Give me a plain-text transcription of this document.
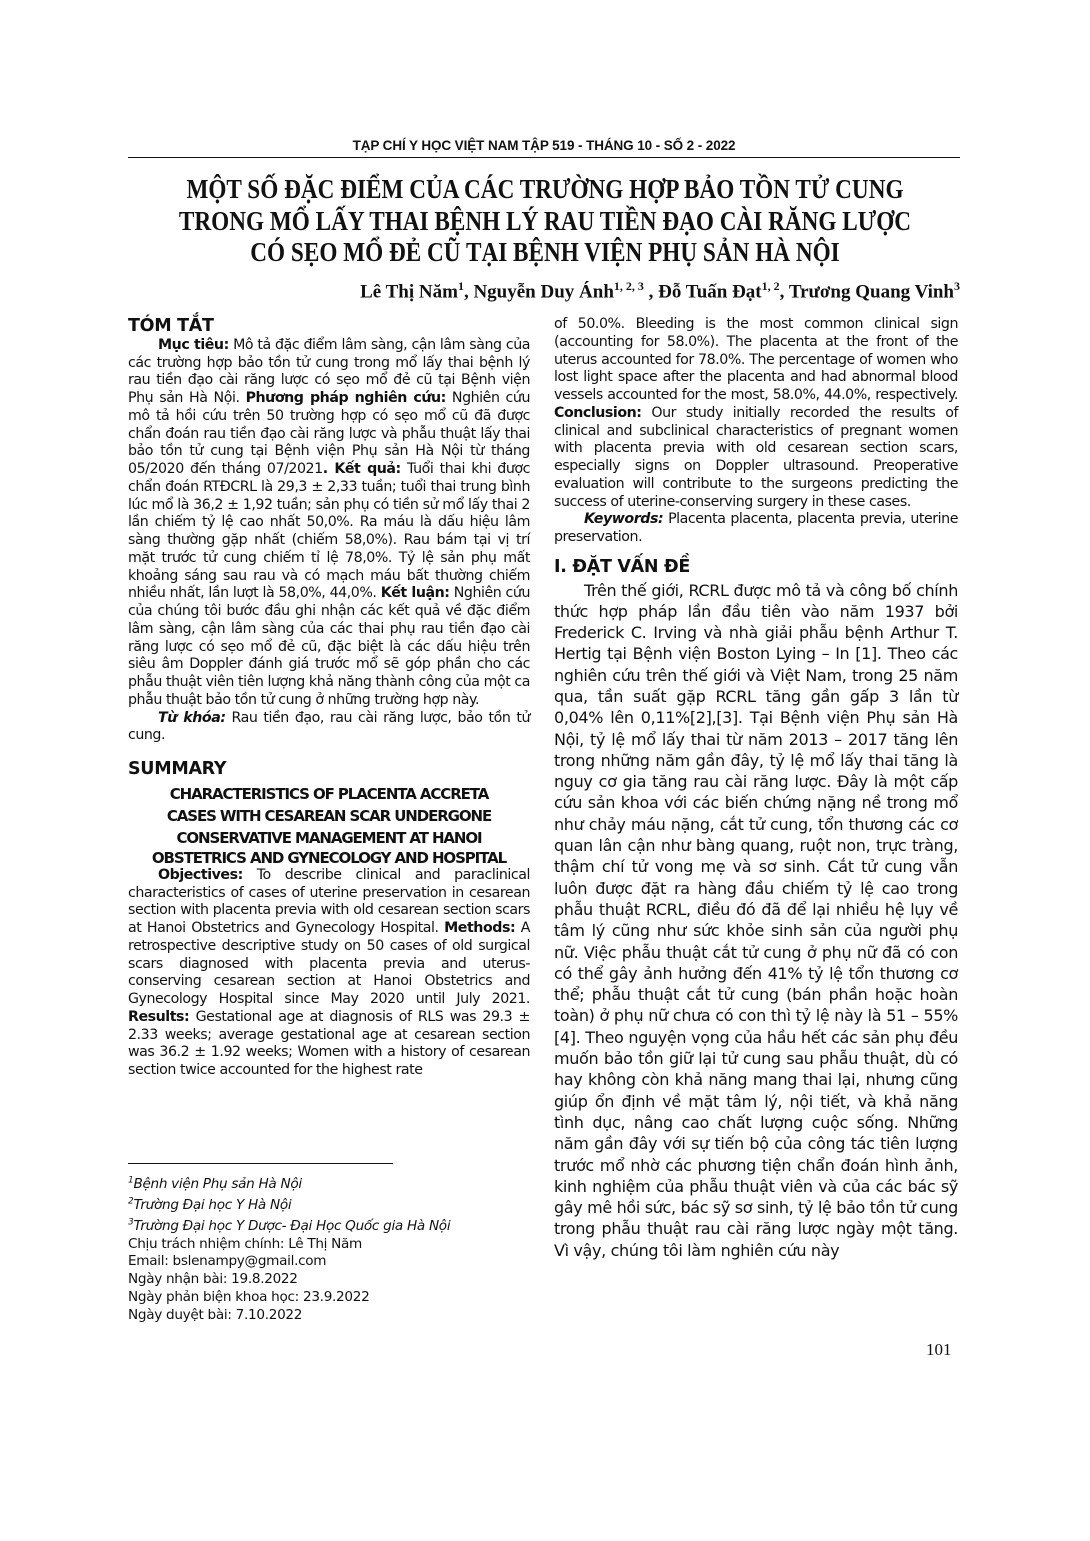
TẠP CHÍ Y HỌC VIỆT NAM TẬP 519 - THÁNG 10 - SỐ 2 - 2022
MỘT SỐ ĐẶC ĐIỂM CỦA CÁC TRƯỜNG HỢP BẢO TỒN TỬ CUNG
TRONG MỔ LẤY THAI BỆNH LÝ RAU TIỀN ĐẠO CÀI RĂNG LƯỢC
CÓ SẸO MỔ ĐẺ CŨ TẠI BỆNH VIỆN PHỤ SẢN HÀ NỘI
Lê Thị Năm$^1$, Nguyễn Duy Ánh$^{1, 2, 3}$ , Đỗ Tuấn Đạt$^{1, 2}$, Trương Quang Vinh$^3$
TÓM TẮT

Mục tiêu: Mô tả đặc điểm lâm sàng, cận lâm sàng của các trường hợp bảo tồn tử cung trong mổ lấy thai bệnh lý rau tiền đạo cài răng lược có sẹo mổ đẻ cũ tại Bệnh viện Phụ sản Hà Nội. Phương pháp nghiên cứu: Nghiên cứu mô tả hồi cứu trên 50 trường hợp có sẹo mổ cũ đã được chẩn đoán rau tiền đạo cài răng lược và phẫu thuật lấy thai bảo tồn tử cung tại Bệnh viện Phụ sản Hà Nội từ tháng 05/2020 đến tháng 07/2021. Kết quả: Tuổi thai khi được chẩn đoán RTĐCRL là 29,3 ± 2,33 tuần; tuổi thai trung bình lúc mổ là 36,2 ± 1,92 tuần; sản phụ có tiền sử mổ lấy thai 2 lần chiếm tỷ lệ cao nhất 50,0%. Ra máu là dấu hiệu lâm sàng thường gặp nhất (chiếm 58,0%). Rau bám tại vị trí mặt trước tử cung chiếm tỉ lệ 78,0%. Tỷ lệ sản phụ mất khoảng sáng sau rau và có mạch máu bất thường chiếm nhiều nhất, lần lượt là 58,0%, 44,0%. Kết luận: Nghiên cứu của chúng tôi bước đầu ghi nhận các kết quả về đặc điểm lâm sàng, cận lâm sàng của các thai phụ rau tiền đạo cài răng lược có sẹo mổ đẻ cũ, đặc biệt là các dấu hiệu trên siêu âm Doppler đánh giá trước mổ sẽ góp phần cho các phẫu thuật viên tiên lượng khả năng thành công của một ca phẫu thuật bảo tồn tử cung ở những trường hợp này.

Từ khóa: Rau tiền đạo, rau cài răng lược, bảo tồn tử cung.

SUMMARY
CHARACTERISTICS OF PLACENTA ACCRETA
CASES WITH CESAREAN SCAR UNDERGONE
CONSERVATIVE MANAGEMENT AT HANOI
OBSTETRICS AND GYNECOLOGY AND HOSPITAL

Objectives: To describe clinical and paraclinical characteristics of cases of uterine preservation in cesarean section with placenta previa with old cesarean section scars at Hanoi Obstetrics and Gynecology Hospital. Methods: A retrospective descriptive study on 50 cases of old surgical scars diagnosed with placenta previa and uterus-conserving cesarean section at Hanoi Obstetrics and Gynecology Hospital since May 2020 until July 2021. Results: Gestational age at diagnosis of RLS was 29.3 ± 2.33 weeks; average gestational age at cesarean section was 36.2 ± 1.92 weeks; Women with a history of cesarean section twice accounted for the highest rate

$^1$Bệnh viện Phụ sản Hà Nội
$^2$Trường Đại học Y Hà Nội
$^3$Trường Đại học Y Dược- Đại Học Quốc gia Hà Nội
Chịu trách nhiệm chính: Lê Thị Năm
Email: bslenampy@gmail.com
Ngày nhận bài: 19.8.2022
Ngày phản biện khoa học: 23.9.2022
Ngày duyệt bài: 7.10.2022

of 50.0%. Bleeding is the most common clinical sign (accounting for 58.0%). The placenta at the front of the uterus accounted for 78.0%. The percentage of women who lost light space after the placenta and had abnormal blood vessels accounted for the most, 58.0%, 44.0%, respectively. Conclusion: Our study initially recorded the results of clinical and subclinical characteristics of pregnant women with placenta previa with old cesarean section scars, especially signs on Doppler ultrasound. Preoperative evaluation will contribute to the surgeons predicting the success of uterine-conserving surgery in these cases.

Keywords: Placenta placenta, placenta previa, uterine preservation.

I. ĐẶT VẤN ĐỀ

Trên thế giới, RCRL được mô tả và công bố chính thức hợp pháp lần đầu tiên vào năm 1937 bởi Frederick C. Irving và nhà giải phẫu bệnh Arthur T. Hertig tại Bệnh viện Boston Lying – In [1]. Theo các nghiên cứu trên thế giới và Việt Nam, trong 25 năm qua, tần suất gặp RCRL tăng gần gấp 3 lần từ 0,04% lên 0,11%[2],[3]. Tại Bệnh viện Phụ sản Hà Nội, tỷ lệ mổ lấy thai từ năm 2013 – 2017 tăng lên trong những năm gần đây, tỷ lệ mổ lấy thai tăng là nguy cơ gia tăng rau cài răng lược. Đây là một cấp cứu sản khoa với các biến chứng nặng nề trong mổ như chảy máu nặng, cắt tử cung, tổn thương các cơ quan lân cận như bàng quang, ruột non, trực tràng, thậm chí tử vong mẹ và sơ sinh. Cắt tử cung vẫn luôn được đặt ra hàng đầu chiếm tỷ lệ cao trong phẫu thuật RCRL, điều đó đã để lại nhiều hệ lụy về tâm lý cũng như sức khỏe sinh sản của người phụ nữ. Việc phẫu thuật cắt tử cung ở phụ nữ đã có con có thể gây ảnh hưởng đến 41% tỷ lệ tổn thương cơ thể; phẫu thuật cắt tử cung (bán phần hoặc hoàn toàn) ở phụ nữ chưa có con thì tỷ lệ này là 51 – 55% [4]. Theo nguyện vọng của hầu hết các sản phụ đều muốn bảo tồn giữ lại tử cung sau phẫu thuật, dù có hay không còn khả năng mang thai lại, nhưng cũng giúp ổn định về mặt tâm lý, nội tiết, và khả năng tình dục, nâng cao chất lượng cuộc sống. Những năm gần đây với sự tiến bộ của công tác tiên lượng trước mổ nhờ các phương tiện chẩn đoán hình ảnh, kinh nghiệm của phẫu thuật viên và của các bác sỹ gây mê hồi sức, bác sỹ sơ sinh, tỷ lệ bảo tồn tử cung trong phẫu thuật rau cài răng lược ngày một tăng. Vì vậy, chúng tôi làm nghiên cứu này

101
